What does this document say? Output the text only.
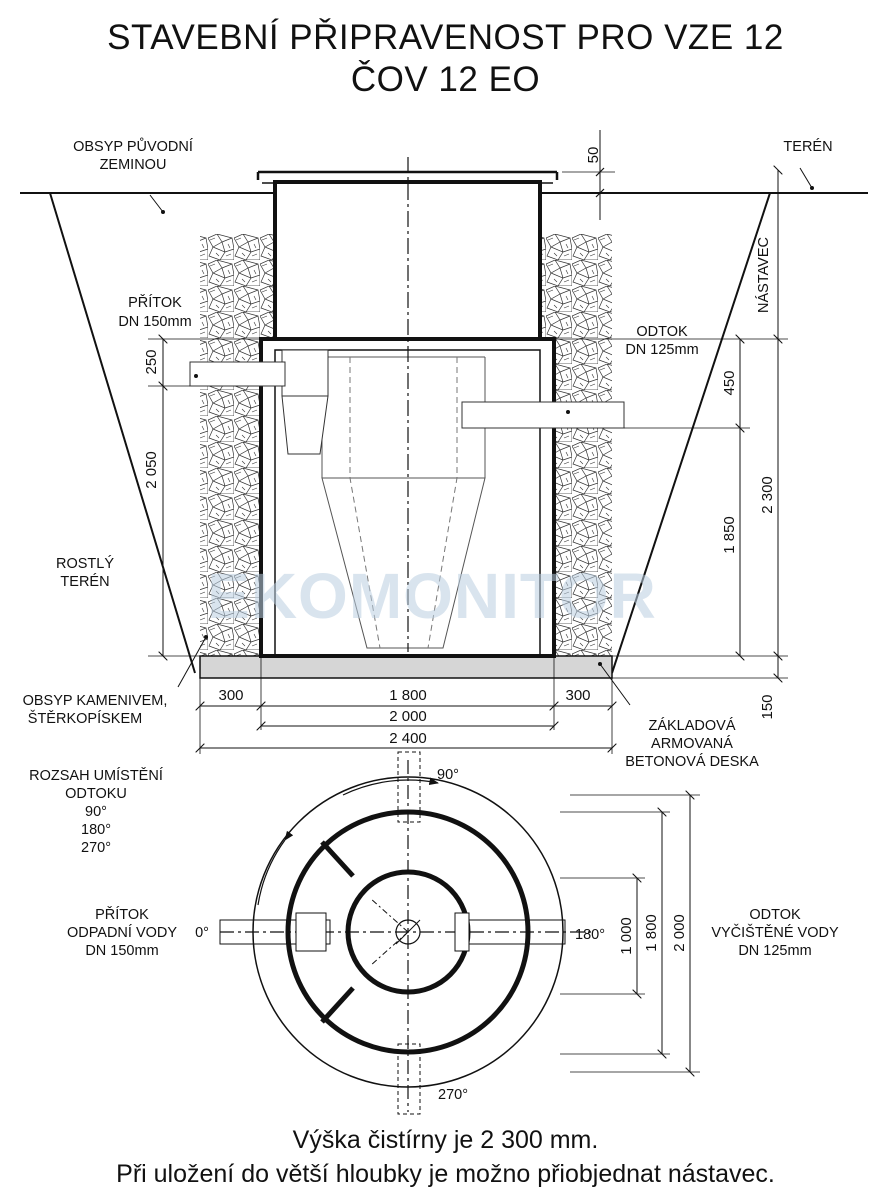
STAVEBNÍ PŘIPRAVENOST PRO VZE 12
ČOV 12 EO
EKOMONITOR
OBSYP PŮVODNÍ
ZEMINOU
TERÉN
NÁSTAVEC
PŘÍTOK
DN 150mm
ODTOK
DN 125mm
ROSTLÝ
TERÉN
OBSYP KAMENIVEM,
ŠTĚRKOPÍSKEM	ZÁKLADOVÁ
ARMOVANÁ
BETONOVÁ DESKA
50
250
2 050
450
1 850
2 300
150
300	1 800	300
2 000
2 400
ROZSAH UMÍSTĚNÍ
ODTOKU
90°
180°
270°
PŘÍTOK
ODPADNÍ VODY
DN 150mm
ODTOK
VYČIŠTĚNÉ VODY
DN 125mm
0°
90°
180°
270°
1 000 1 800 2 000
Výška čistírny je 2 300 mm.
Při uložení do větší hloubky je možno přiobjednat nástavec.
